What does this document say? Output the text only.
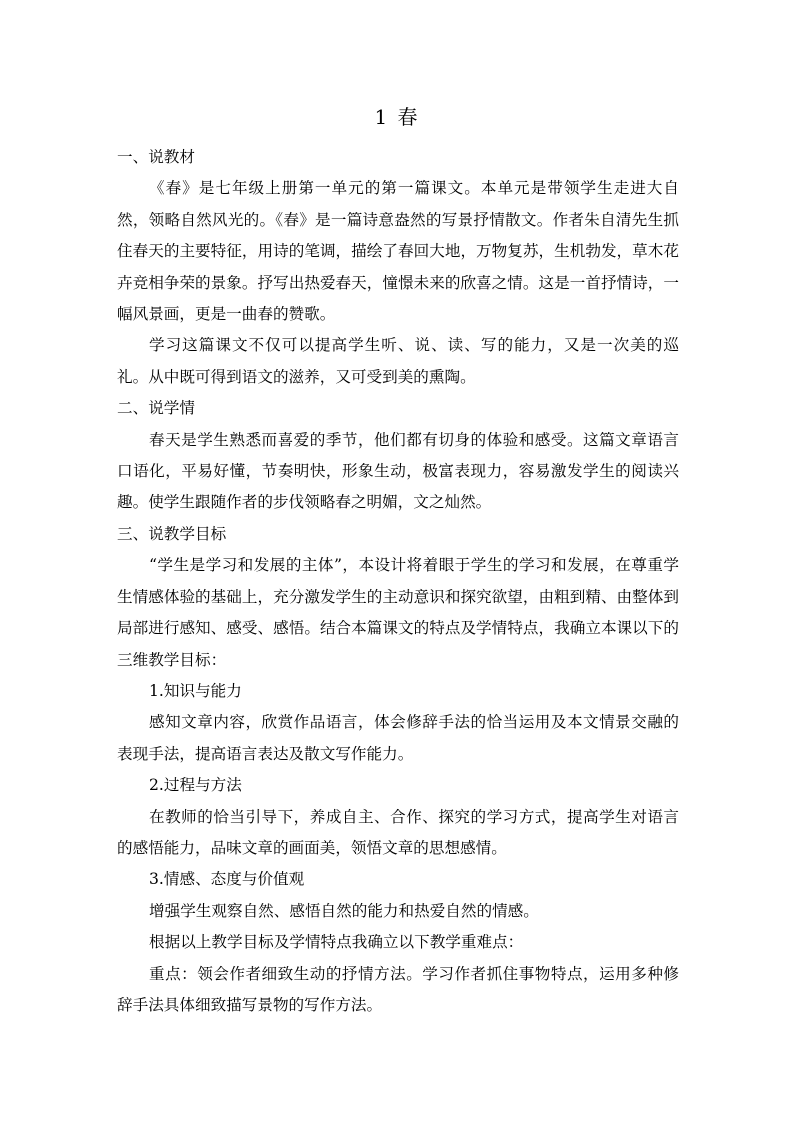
1 春

一、说教材

《春》是七年级上册第一单元的第一篇课文。本单元是带领学生走进大自然，领略自然风光的。《春》是一篇诗意盎然的写景抒情散文。作者朱自清先生抓住春天的主要特征，用诗的笔调，描绘了春回大地，万物复苏，生机勃发，草木花卉竞相争荣的景象。抒写出热爱春天，憧憬未来的欣喜之情。这是一首抒情诗，一幅风景画，更是一曲春的赞歌。

学习这篇课文不仅可以提高学生听、说、读、写的能力，又是一次美的巡礼。从中既可得到语文的滋养，又可受到美的熏陶。

二、说学情

春天是学生熟悉而喜爱的季节，他们都有切身的体验和感受。这篇文章语言口语化，平易好懂，节奏明快，形象生动，极富表现力，容易激发学生的阅读兴趣。使学生跟随作者的步伐领略春之明媚，文之灿然。

三、说教学目标

“学生是学习和发展的主体”，本设计将着眼于学生的学习和发展，在尊重学生情感体验的基础上，充分激发学生的主动意识和探究欲望，由粗到精、由整体到局部进行感知、感受、感悟。结合本篇课文的特点及学情特点，我确立本课以下的三维教学目标：

1.知识与能力

感知文章内容，欣赏作品语言，体会修辞手法的恰当运用及本文情景交融的表现手法，提高语言表达及散文写作能力。

2.过程与方法

在教师的恰当引导下，养成自主、合作、探究的学习方式，提高学生对语言的感悟能力，品味文章的画面美，领悟文章的思想感情。

3.情感、态度与价值观

增强学生观察自然、感悟自然的能力和热爱自然的情感。

根据以上教学目标及学情特点我确立以下教学重难点：

重点：领会作者细致生动的抒情方法。学习作者抓住事物特点，运用多种修辞手法具体细致描写景物的写作方法。
